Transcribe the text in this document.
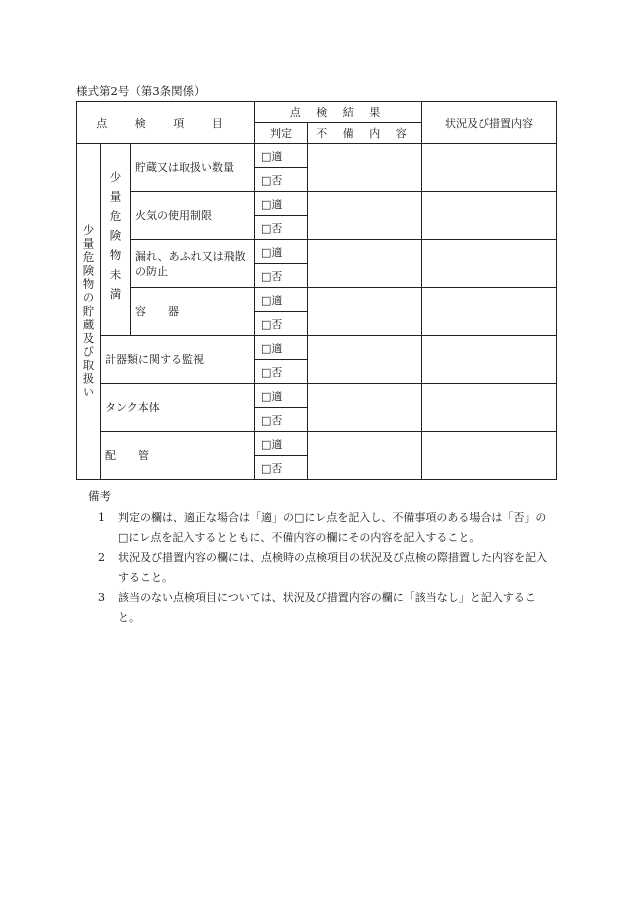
様式第2号（第3条関係）
点 検 項 目			点 検 結 果		状況及び措置内容
			判定	不 備 内 容	

少量危険物の貯蔵及び取扱い	少量危険物未満	貯蔵又は取扱い数量	□適		
			□否		
		火気の使用制限	□適		
			□否		
		漏れ、あふれ又は飛散の防止	□適		
			□否		
		容　　器	□適		
			□否		
	計器類に関する監視		□適		
			□否		
	タンク本体		□適		
			□否		
	配　　管		□適		
			□否		
備考
1	判定の欄は、適正な場合は「適」の□にレ点を記入し、不備事項のある場合は「否」の□にレ点を記入するとともに、不備内容の欄にその内容を記入すること。
2	状況及び措置内容の欄には、点検時の点検項目の状況及び点検の際措置した内容を記入すること。
3	該当のない点検項目については、状況及び措置内容の欄に「該当なし」と記入すること。
